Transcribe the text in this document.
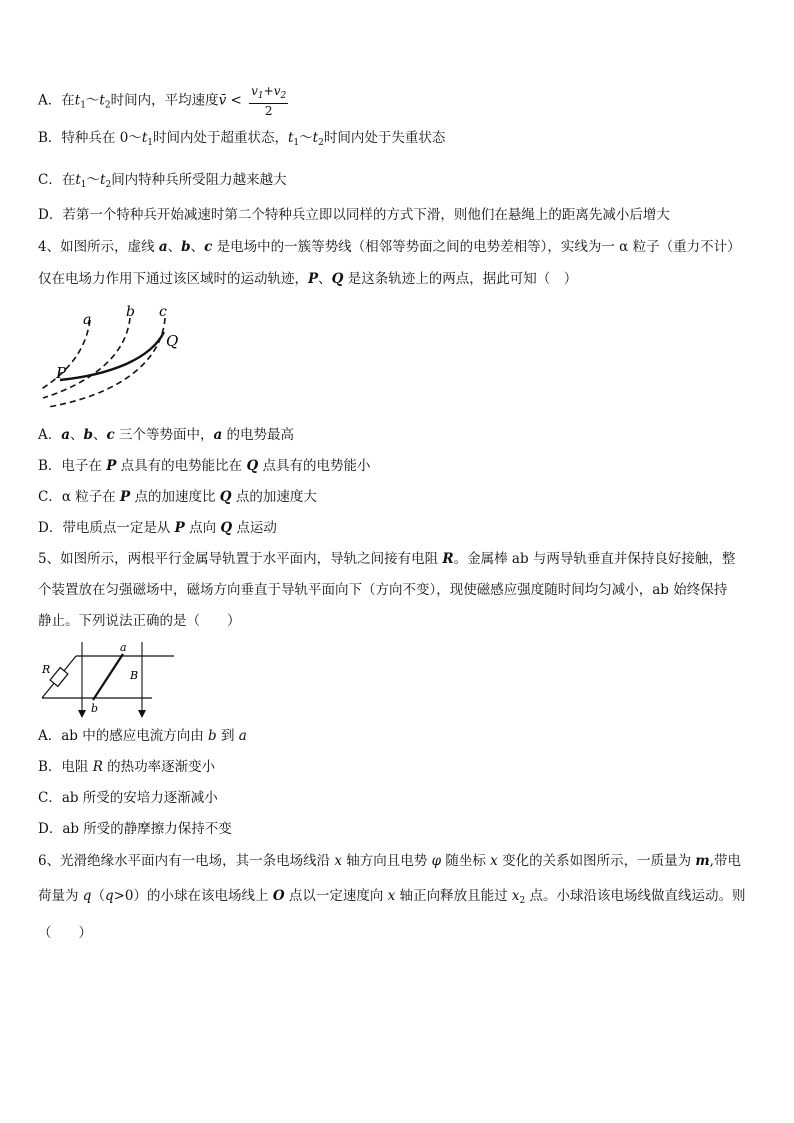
A．在$t_1\sim t_2$时间内，平均速度v̄ < $\frac{v_1+v_2}{2}$
B．特种兵在 $0\sim t_1$时间内处于超重状态，$t_1\sim t_2$时间内处于失重状态
C．在$t_1\sim t_2$间内特种兵所受阻力越来越大
D．若第一个特种兵开始减速时第二个特种兵立即以同样的方式下滑，则他们在悬绳上的距离先减小后增大
4、如图所示，虚线 a、b、c 是电场中的一簇等势线（相邻等势面之间的电势差相等），实线为一 α 粒子（重力不计）
仅在电场力作用下通过该区域时的运动轨迹，P、Q 是这条轨迹上的两点，据此可知（　）
a b c
P
Q
A．a、b、c 三个等势面中，a 的电势最高
B．电子在 P 点具有的电势能比在 Q 点具有的电势能小
C．α 粒子在 P 点的加速度比 Q 点的加速度大
D．带电质点一定是从 P 点向 Q 点运动
5、如图所示，两根平行金属导轨置于水平面内，导轨之间接有电阻 R。金属棒 ab 与两导轨垂直并保持良好接触，整
个装置放在匀强磁场中，磁场方向垂直于导轨平面向下（方向不变），现使磁感应强度随时间均匀减小，ab 始终保持
静止。下列说法正确的是（　　）
R
a
b
B
A．ab 中的感应电流方向由 b 到 a
B．电阻 R 的热功率逐渐变小
C．ab 所受的安培力逐渐减小
D．ab 所受的静摩擦力保持不变
6、光滑绝缘水平面内有一电场，其一条电场线沿 x 轴方向且电势 φ 随坐标 x 变化的关系如图所示，一质量为 m,带电
荷量为 q（q>0）的小球在该电场线上 O 点以一定速度向 x 轴正向释放且能过 $x_2$ 点。小球沿该电场线做直线运动。则
（　　）
